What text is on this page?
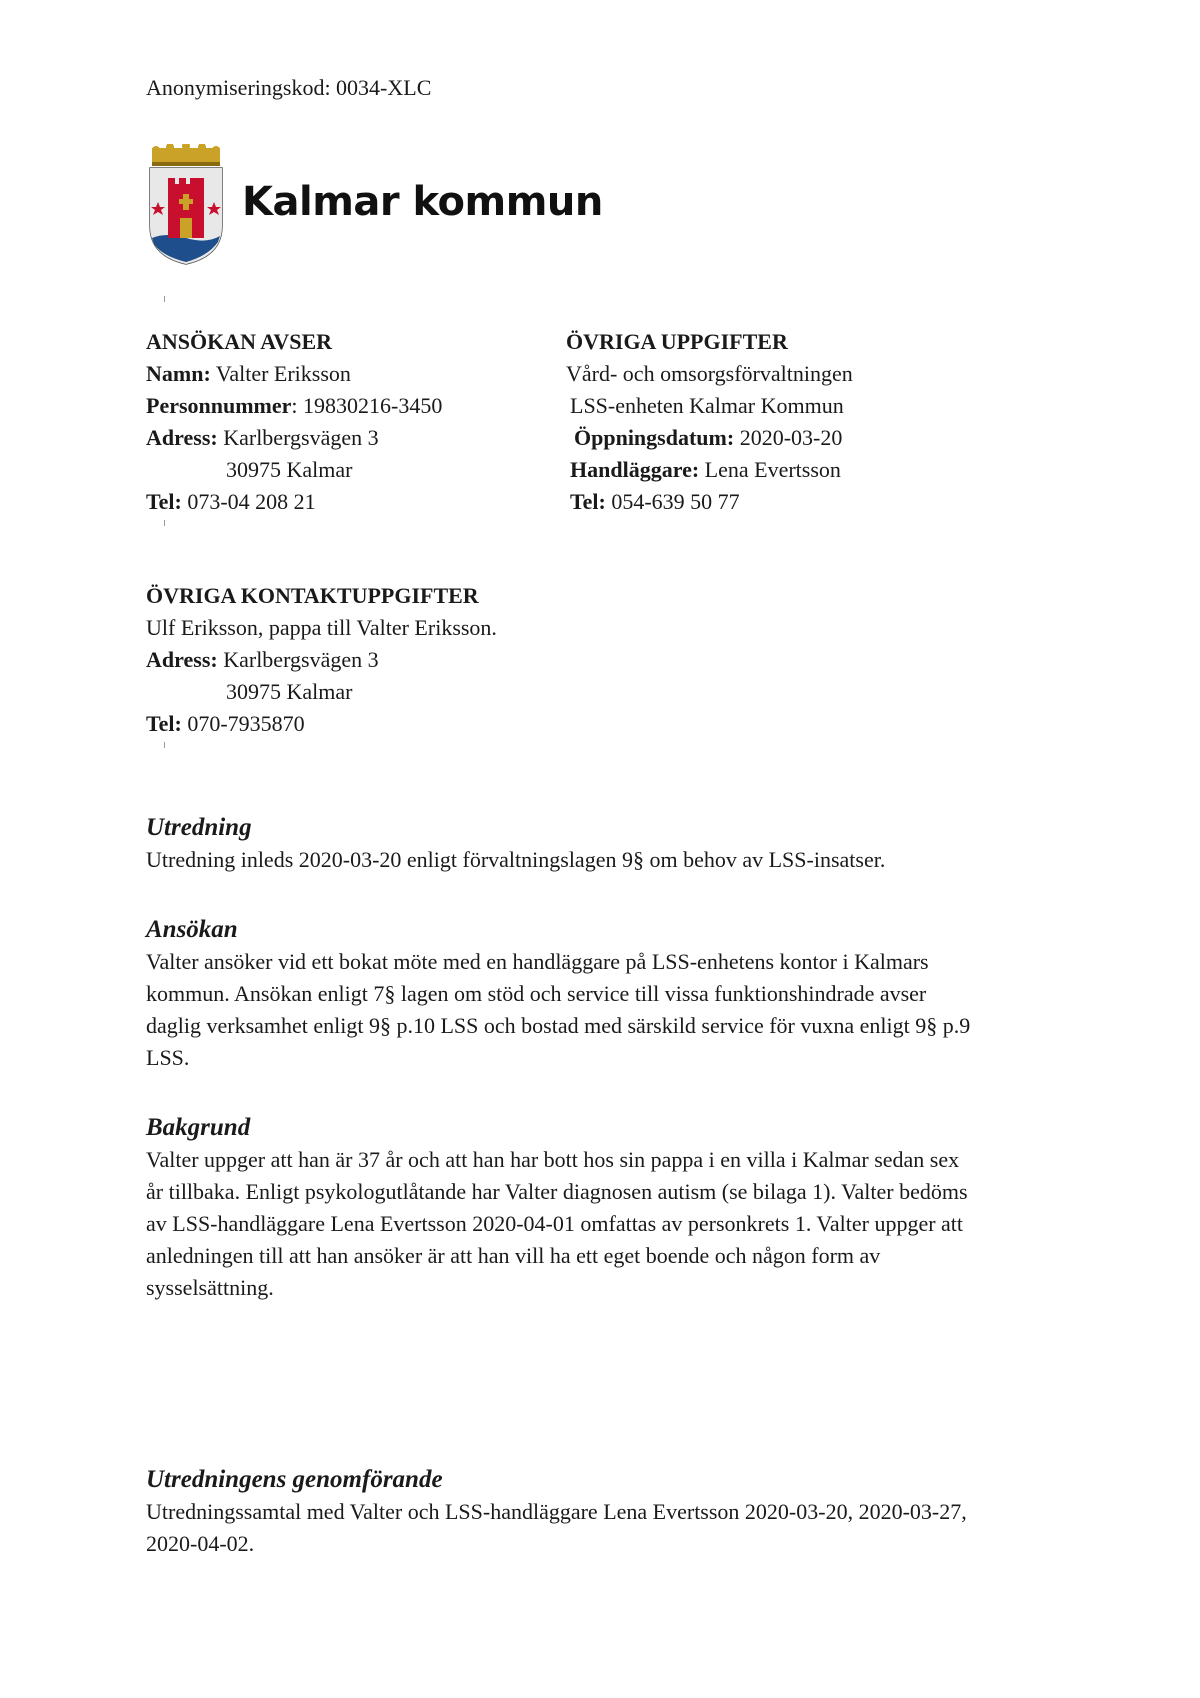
Anonymiseringskod: 0034-XLC
Kalmar kommun
ANSÖKAN AVSER
Namn: Valter Eriksson
Personnummer: 19830216-3450
Adress: Karlbergsvägen 3
30975 Kalmar
Tel: 073-04 208 21
ÖVRIGA UPPGIFTER
Vård- och omsorgsförvaltningen
LSS-enheten Kalmar Kommun
Öppningsdatum: 2020-03-20
Handläggare: Lena Evertsson
Tel: 054-639 50 77
ÖVRIGA KONTAKTUPPGIFTER
Ulf Eriksson, pappa till Valter Eriksson.
Adress: Karlbergsvägen 3
30975 Kalmar
Tel: 070-7935870
Utredning
Utredning inleds 2020-03-20 enligt förvaltningslagen 9§ om behov av LSS-insatser.
Ansökan
Valter ansöker vid ett bokat möte med en handläggare på LSS-enhetens kontor i Kalmars
kommun. Ansökan enligt 7§ lagen om stöd och service till vissa funktionshindrade avser
daglig verksamhet enligt 9§ p.10 LSS och bostad med särskild service för vuxna enligt 9§ p.9
LSS.
Bakgrund
Valter uppger att han är 37 år och att han har bott hos sin pappa i en villa i Kalmar sedan sex
år tillbaka. Enligt psykologutlåtande har Valter diagnosen autism (se bilaga 1). Valter bedöms
av LSS-handläggare Lena Evertsson 2020-04-01 omfattas av personkrets 1. Valter uppger att
anledningen till att han ansöker är att han vill ha ett eget boende och någon form av
sysselsättning.
Utredningens genomförande
Utredningssamtal med Valter och LSS-handläggare Lena Evertsson 2020-03-20, 2020-03-27,
2020-04-02.
